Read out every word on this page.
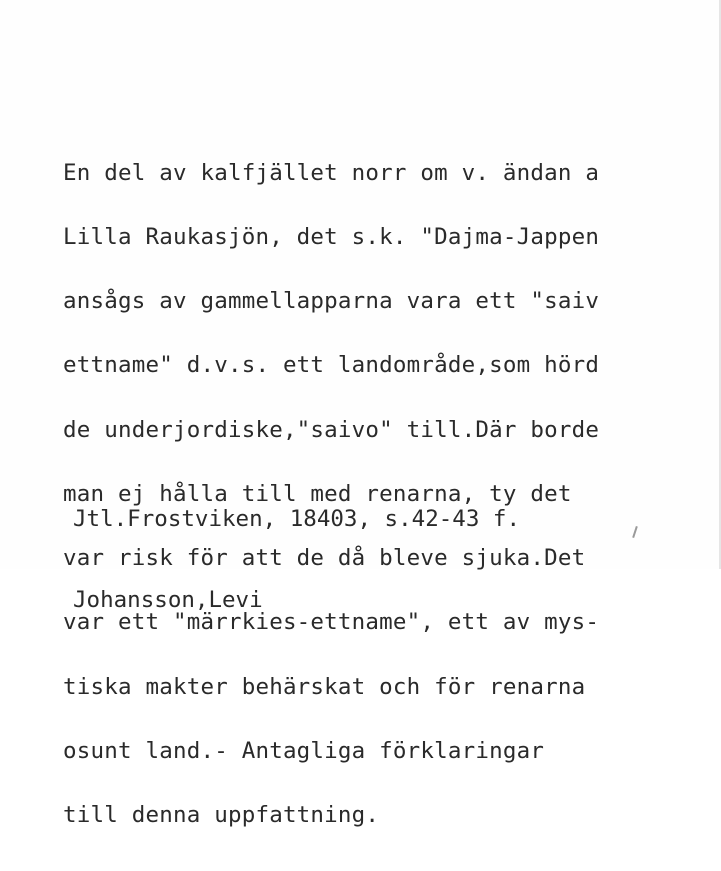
En del av kalfjället norr om v. ändan a

Lilla Raukasjön, det s.k. "Dajma-Jappen

ansågs av gammellapparna vara ett "saiv

ettname" d.v.s. ett landområde,som hörd

de underjordiske,"saivo" till.Där borde

man ej hålla till med renarna, ty det

var risk för att de då bleve sjuka.Det

var ett "märrkies-ettname", ett av mys-

tiska makter behärskat och för renarna

osunt land.- Antagliga förklaringar

till denna uppfattning.

Jtl.Frostviken, 18403, s.42-43 f.

Johansson,Levi
